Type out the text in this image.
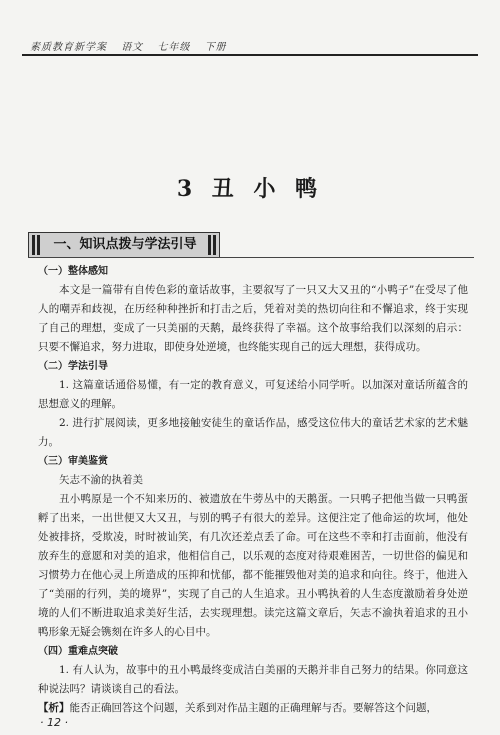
素质教育新学案 语文 七年级 下册
3 丑 小 鸭
一、知识点拨与学法引导

（一）整体感知

本文是一篇带有自传色彩的童话故事，主要叙写了一只又大又丑的“小鸭子”在受尽了他人的嘲弄和歧视，在历经种种挫折和打击之后，凭着对美的热切向往和不懈追求，终于实现了自己的理想，变成了一只美丽的天鹅，最终获得了幸福。这个故事给我们以深刻的启示：只要不懈追求，努力进取，即使身处逆境，也终能实现自己的远大理想，获得成功。

（二）学法引导

1. 这篇童话通俗易懂，有一定的教育意义，可复述给小同学听。以加深对童话所蕴含的思想意义的理解。

2. 进行扩展阅读，更多地接触安徒生的童话作品，感受这位伟大的童话艺术家的艺术魅力。

（三）审美鉴赏

矢志不渝的执着美

丑小鸭原是一个不知来历的、被遗放在牛蒡丛中的天鹅蛋。一只鸭子把他当做一只鸭蛋孵了出来，一出世便又大又丑，与别的鸭子有很大的差异。这便注定了他命运的坎坷，他处处被排挤，受欺凌，时时被讪笑，有几次还差点丢了命。可在这些不幸和打击面前，他没有放弃生的意愿和对美的追求，他相信自己，以乐观的态度对待艰难困苦，一切世俗的偏见和习惯势力在他心灵上所造成的压抑和忧郁，都不能摧毁他对美的追求和向往。终于，他进入了“美丽的行列，美的境界”，实现了自己的人生追求。丑小鸭执着的人生态度激励着身处逆境的人们不断进取追求美好生活，去实现理想。读完这篇文章后，矢志不渝执着追求的丑小鸭形象无疑会镌刻在许多人的心目中。

（四）重难点突破

1. 有人认为，故事中的丑小鸭最终变成洁白美丽的天鹅并非自己努力的结果。你同意这种说法吗？请谈谈自己的看法。

【析】能否正确回答这个问题，关系到对作品主题的正确理解与否。要解答这个问题，

· 12 ·
